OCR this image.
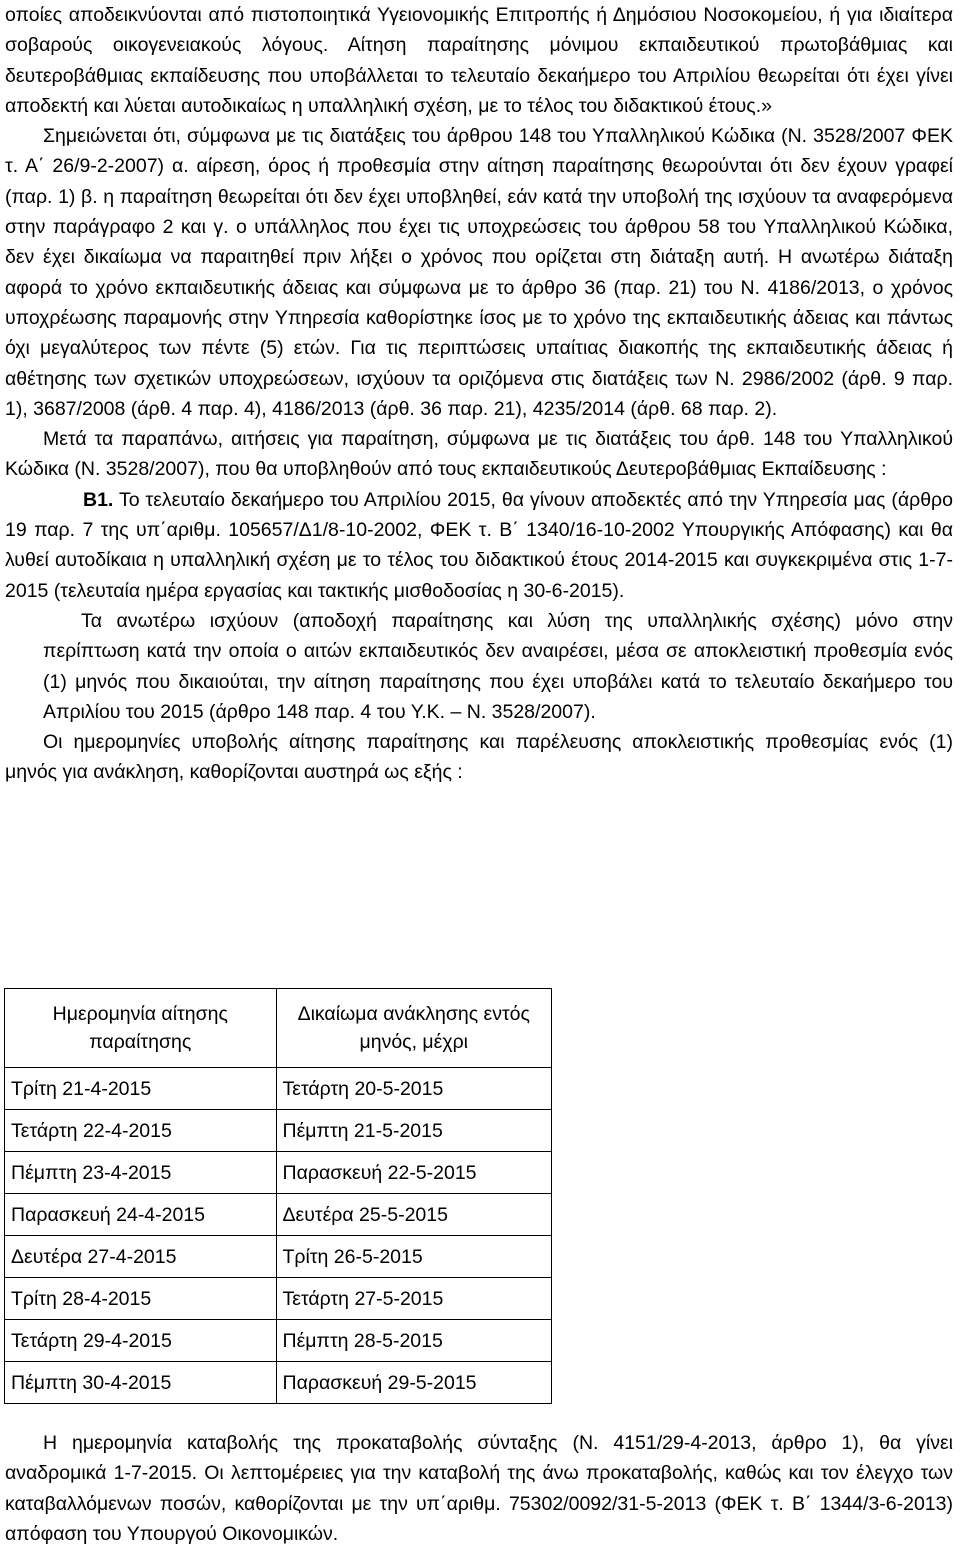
οποίες αποδεικνύονται από πιστοποιητικά Υγειονομικής Επιτροπής ή Δημόσιου Νοσοκομείου, ή για ιδιαίτερα σοβαρούς οικογενειακούς λόγους. Αίτηση παραίτησης μόνιμου εκπαιδευτικού πρωτοβάθμιας και δευτεροβάθμιας εκπαίδευσης που υποβάλλεται το τελευταίο δεκαήμερο του Απριλίου θεωρείται ότι έχει γίνει αποδεκτή και λύεται αυτοδικαίως η υπαλληλική σχέση, με το τέλος του διδακτικού έτους.»

Σημειώνεται ότι, σύμφωνα με τις διατάξεις του άρθρου 148 του Υπαλληλικού Κώδικα (Ν. 3528/2007 ΦΕΚ τ. Α΄ 26/9-2-2007) α. αίρεση, όρος ή προθεσμία στην αίτηση παραίτησης θεωρούνται ότι δεν έχουν γραφεί (παρ. 1) β. η παραίτηση θεωρείται ότι δεν έχει υποβληθεί, εάν κατά την υποβολή της ισχύουν τα αναφερόμενα στην παράγραφο 2 και γ. ο υπάλληλος που έχει τις υποχρεώσεις του άρθρου 58 του Υπαλληλικού Κώδικα, δεν έχει δικαίωμα να παραιτηθεί πριν λήξει ο χρόνος που ορίζεται στη διάταξη αυτή. Η ανωτέρω διάταξη αφορά το χρόνο εκπαιδευτικής άδειας και σύμφωνα με το άρθρο 36 (παρ. 21) του Ν. 4186/2013, ο χρόνος υποχρέωσης παραμονής στην Υπηρεσία καθορίστηκε ίσος με το χρόνο της εκπαιδευτικής άδειας και πάντως όχι μεγαλύτερος των πέντε (5) ετών. Για τις περιπτώσεις υπαίτιας διακοπής της εκπαιδευτικής άδειας ή αθέτησης των σχετικών υποχρεώσεων, ισχύουν τα οριζόμενα στις διατάξεις των Ν. 2986/2002 (άρθ. 9 παρ. 1), 3687/2008 (άρθ. 4 παρ. 4), 4186/2013 (άρθ. 36 παρ. 21), 4235/2014 (άρθ. 68 παρ. 2).

Μετά τα παραπάνω, αιτήσεις για παραίτηση, σύμφωνα με τις διατάξεις του άρθ. 148 του Υπαλληλικού Κώδικα (Ν. 3528/2007), που θα υποβληθούν από τους εκπαιδευτικούς Δευτεροβάθμιας Εκπαίδευσης :

Β1. Το τελευταίο δεκαήμερο του Απριλίου 2015, θα γίνουν αποδεκτές από την Υπηρεσία μας (άρθρο 19 παρ. 7 της υπ΄αριθμ. 105657/Δ1/8-10-2002, ΦΕΚ τ. Β΄ 1340/16-10-2002 Υπουργικής Απόφασης) και θα λυθεί αυτοδίκαια η υπαλληλική σχέση με το τέλος του διδακτικού έτους 2014-2015 και συγκεκριμένα στις 1-7-2015 (τελευταία ημέρα εργασίας και τακτικής μισθοδοσίας η 30-6-2015).

Τα ανωτέρω ισχύουν (αποδοχή παραίτησης και λύση της υπαλληλικής σχέσης) μόνο στην περίπτωση κατά την οποία ο αιτών εκπαιδευτικός δεν αναιρέσει, μέσα σε αποκλειστική προθεσμία ενός (1) μηνός που δικαιούται, την αίτηση παραίτησης που έχει υποβάλει κατά το τελευταίο δεκαήμερο του Απριλίου του 2015 (άρθρο 148 παρ. 4 του Υ.Κ. – Ν. 3528/2007).

Οι ημερομηνίες υποβολής αίτησης παραίτησης και παρέλευσης αποκλειστικής προθεσμίας ενός (1) μηνός για ανάκληση, καθορίζονται αυστηρά ως εξής :

Ημερομηνία αίτησης παραίτησης	Δικαίωμα ανάκλησης εντός μηνός, μέχρι
Τρίτη 21-4-2015	Τετάρτη 20-5-2015
Τετάρτη 22-4-2015	Πέμπτη 21-5-2015
Πέμπτη 23-4-2015	Παρασκευή 22-5-2015
Παρασκευή 24-4-2015	Δευτέρα 25-5-2015
Δευτέρα 27-4-2015	Τρίτη 26-5-2015
Τρίτη 28-4-2015	Τετάρτη 27-5-2015
Τετάρτη 29-4-2015	Πέμπτη 28-5-2015
Πέμπτη 30-4-2015	Παρασκευή 29-5-2015

Η ημερομηνία καταβολής της προκαταβολής σύνταξης (Ν. 4151/29-4-2013, άρθρο 1), θα γίνει αναδρομικά 1-7-2015. Οι λεπτομέρειες για την καταβολή της άνω προκαταβολής, καθώς και τον έλεγχο των καταβαλλόμενων ποσών, καθορίζονται με την υπ΄αριθμ. 75302/0092/31-5-2013 (ΦΕΚ τ. Β΄ 1344/3-6-2013) απόφαση του Υπουργού Οικονομικών.
